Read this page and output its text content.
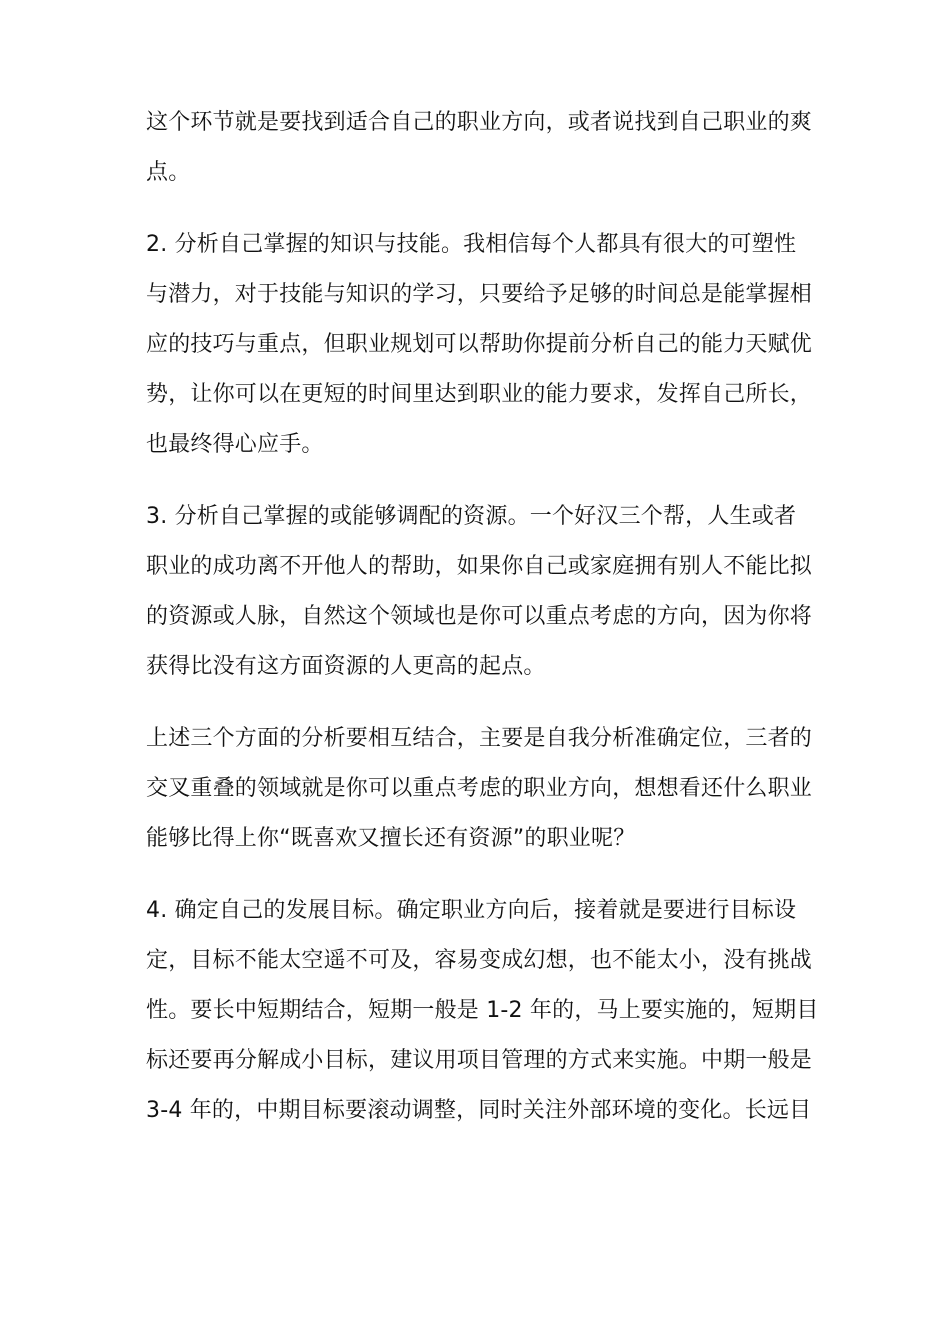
这个环节就是要找到适合自己的职业方向，或者说找到自己职业的爽

点。

2. 分析自己掌握的知识与技能。我相信每个人都具有很大的可塑性

与潜力，对于技能与知识的学习，只要给予足够的时间总是能掌握相

应的技巧与重点，但职业规划可以帮助你提前分析自己的能力天赋优

势，让你可以在更短的时间里达到职业的能力要求，发挥自己所长，

也最终得心应手。

3. 分析自己掌握的或能够调配的资源。一个好汉三个帮，人生或者

职业的成功离不开他人的帮助，如果你自己或家庭拥有别人不能比拟

的资源或人脉，自然这个领域也是你可以重点考虑的方向，因为你将

获得比没有这方面资源的人更高的起点。

上述三个方面的分析要相互结合，主要是自我分析准确定位，三者的

交叉重叠的领域就是你可以重点考虑的职业方向，想想看还什么职业

能够比得上你“既喜欢又擅长还有资源”的职业呢？

4. 确定自己的发展目标。确定职业方向后，接着就是要进行目标设

定，目标不能太空遥不可及，容易变成幻想，也不能太小，没有挑战

性。要长中短期结合，短期一般是 1-2 年的，马上要实施的，短期目

标还要再分解成小目标，建议用项目管理的方式来实施。中期一般是

3-4 年的，中期目标要滚动调整，同时关注外部环境的变化。长远目
